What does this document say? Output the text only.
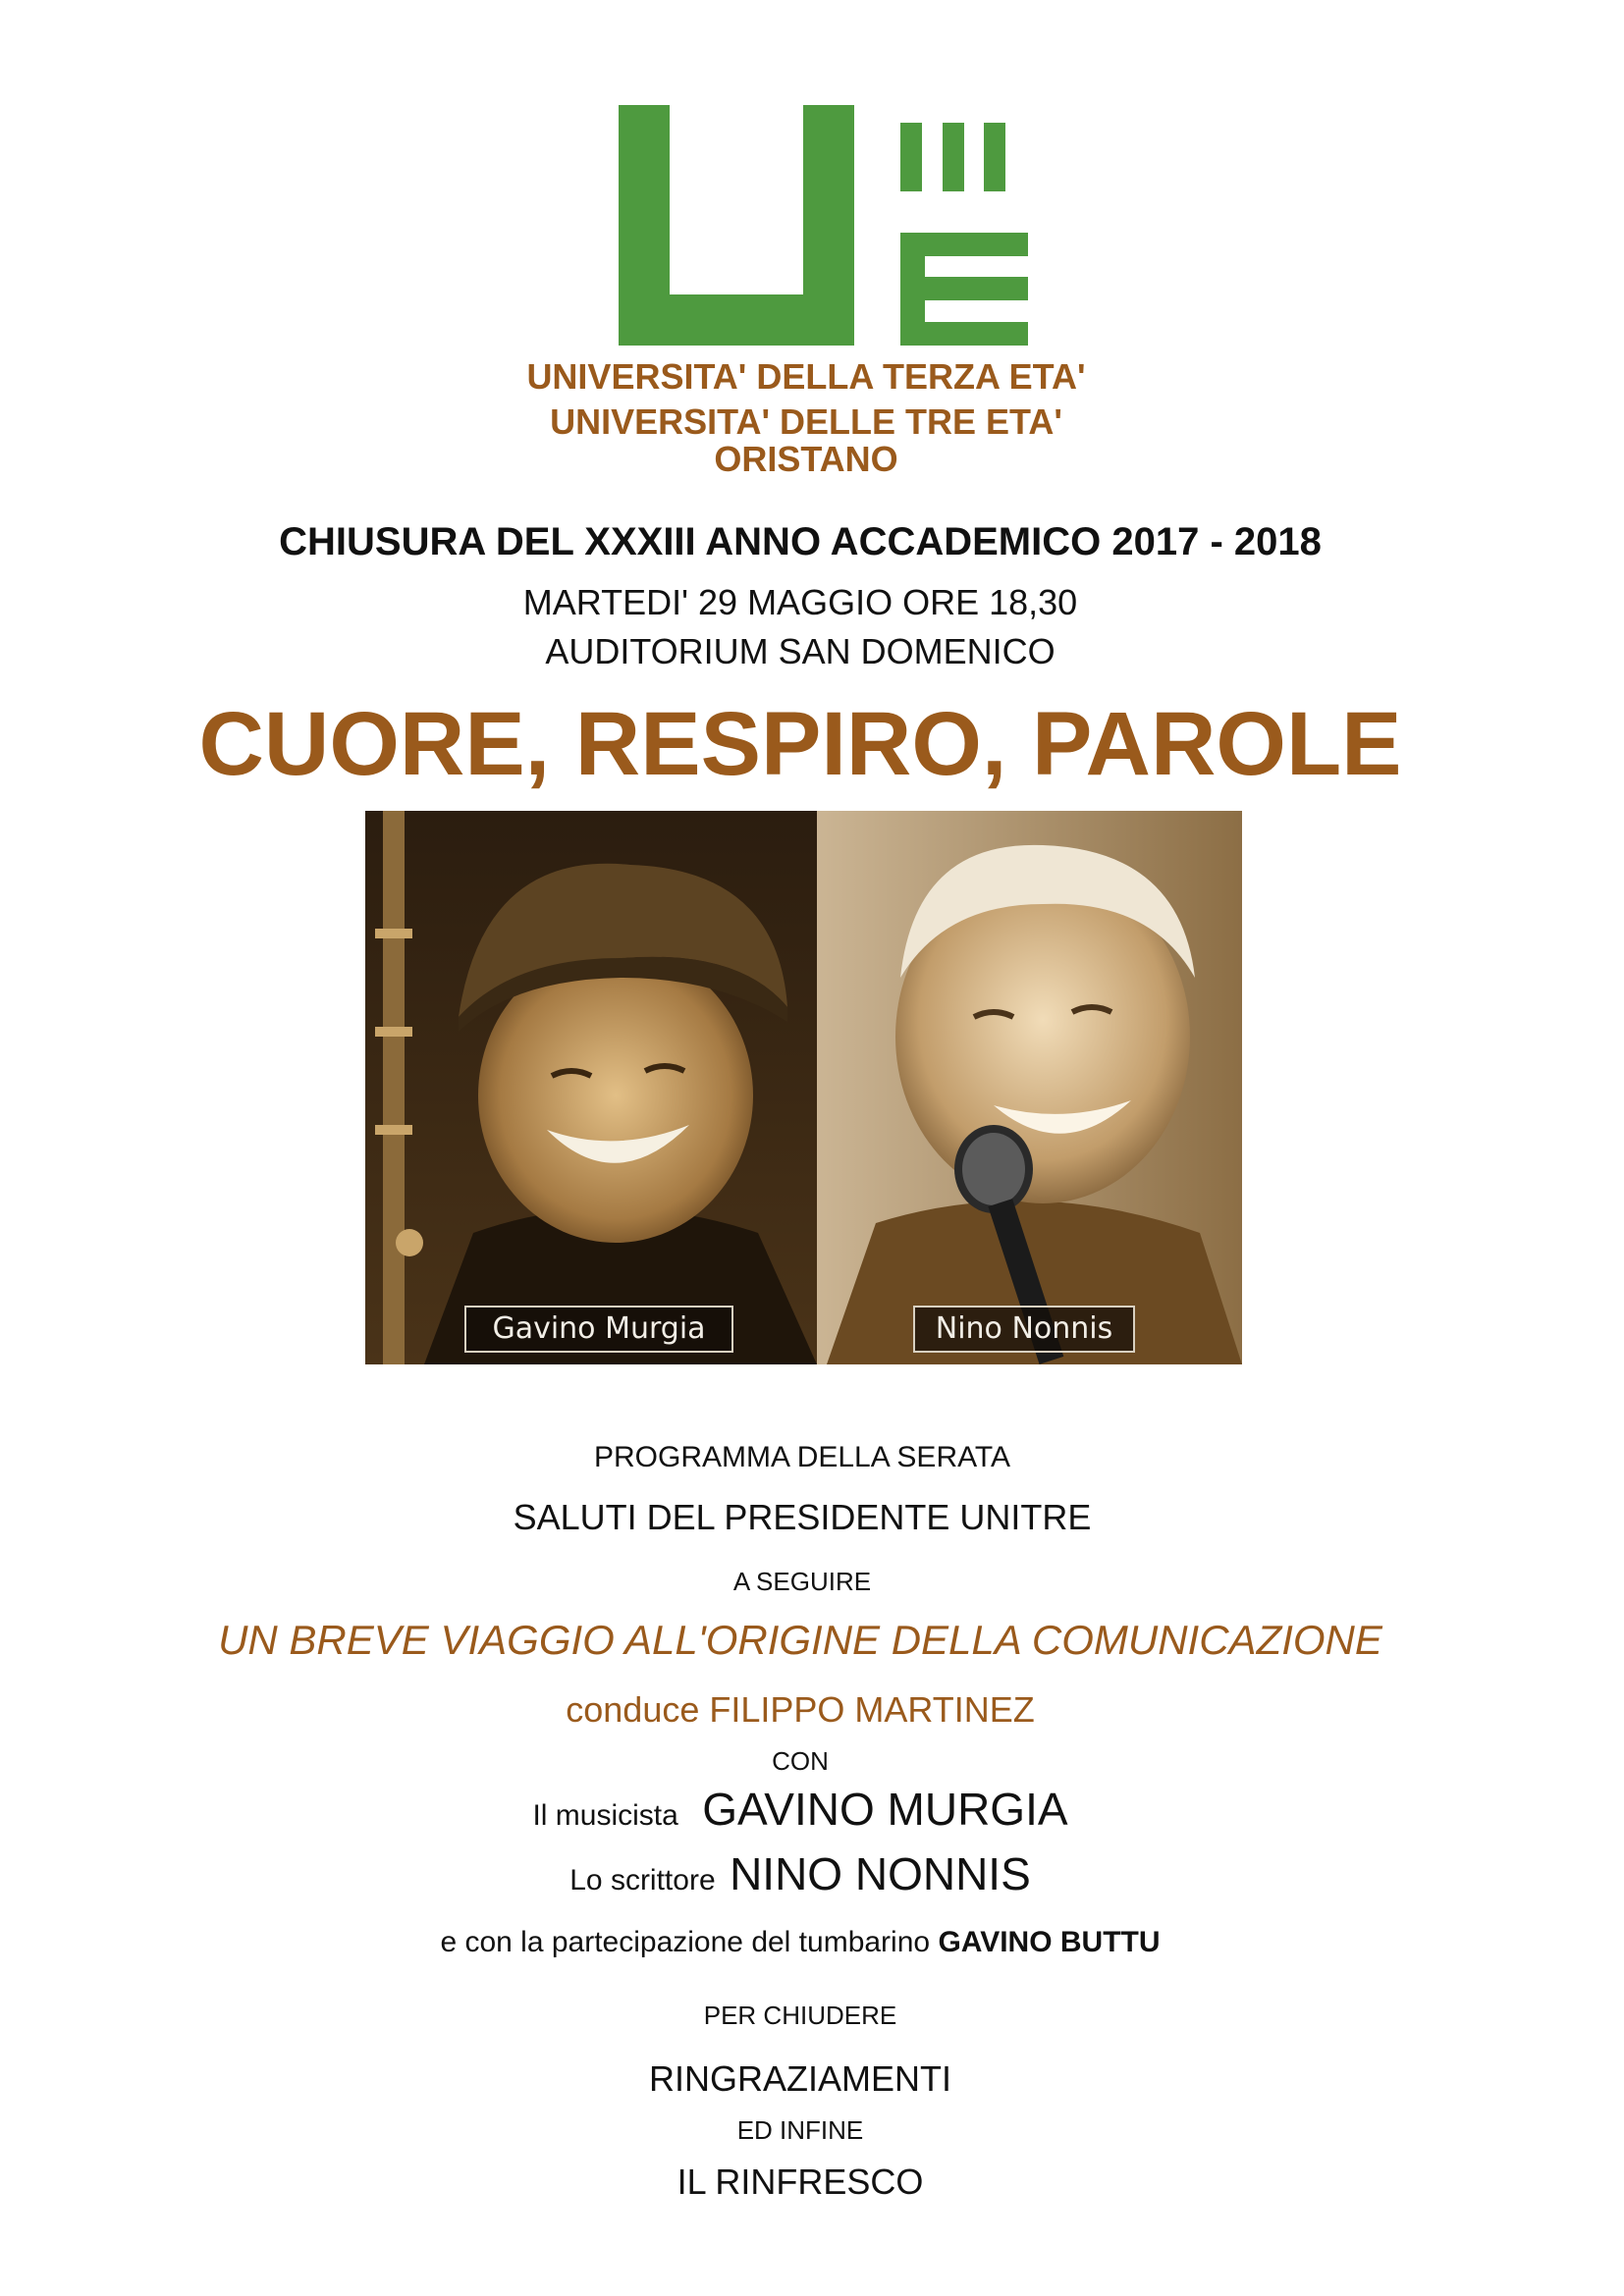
UNIVERSITA' DELLA TERZA ETA'
UNIVERSITA' DELLE TRE ETA'
ORISTANO
CHIUSURA DEL XXXIII ANNO ACCADEMICO 2017 - 2018
MARTEDI' 29 MAGGIO ORE 18,30
AUDITORIUM SAN DOMENICO
CUORE, RESPIRO, PAROLE
Gavino Murgia	Nino Nonnis
PROGRAMMA DELLA SERATA
SALUTI DEL PRESIDENTE UNITRE
A SEGUIRE
UN BREVE VIAGGIO ALL'ORIGINE DELLA COMUNICAZIONE
conduce FILIPPO MARTINEZ
CON
Il musicista GAVINO MURGIA
Lo scrittore NINO NONNIS
e con la partecipazione del tumbarino GAVINO BUTTU
PER CHIUDERE
RINGRAZIAMENTI
ED INFINE
IL RINFRESCO
